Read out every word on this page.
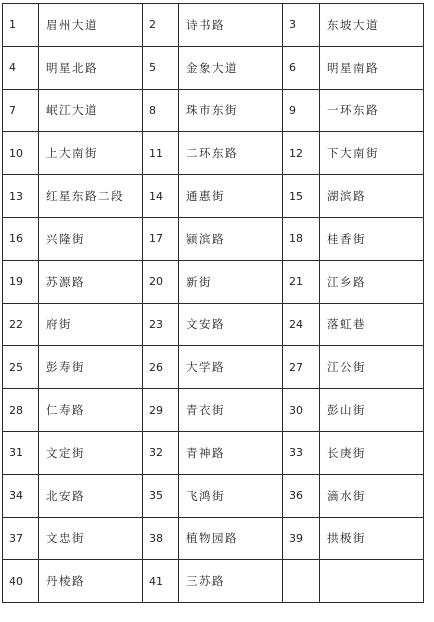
1	眉州大道	2	诗书路	3	东坡大道
4	明星北路	5	金象大道	6	明星南路
7	岷江大道	8	珠市东街	9	一环东路
10	上大南街	11	二环东路	12	下大南街
13	红星东路二段	14	通惠街	15	湖滨路
16	兴隆街	17	颍滨路	18	桂香街
19	苏源路	20	新街	21	江乡路
22	府街	23	文安路	24	落虹巷
25	彭寿街	26	大学路	27	江公街
28	仁寿路	29	青衣街	30	彭山街
31	文定街	32	青神路	33	长庚街
34	北安路	35	飞鸿街	36	滴水街
37	文忠街	38	植物园路	39	拱极街
40	丹棱路	41	三苏路		
